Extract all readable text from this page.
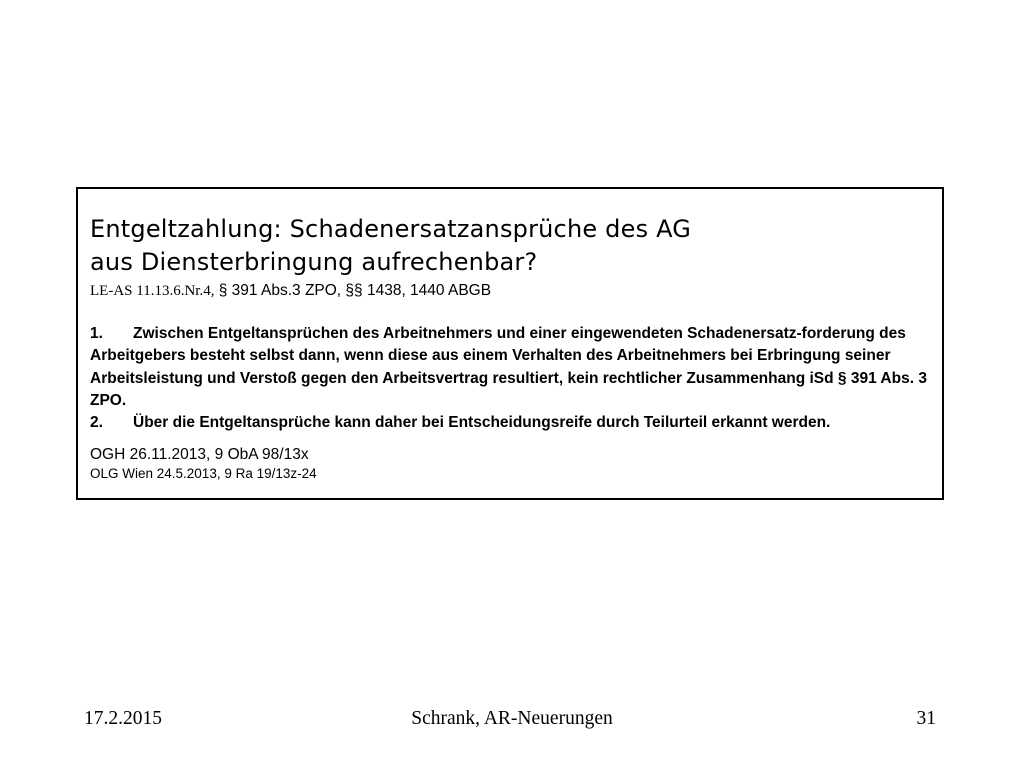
Entgeltzahlung: Schadenersatzansprüche des AG
aus Diensterbringung aufrechenbar?
LE-AS 11.13.6.Nr.4, § 391 Abs.3 ZPO, §§ 1438, 1440 ABGB

1. Zwischen Entgeltansprüchen des Arbeitnehmers und einer eingewendeten Schadenersatz-forderung des Arbeitgebers besteht selbst dann, wenn diese aus einem Verhalten des Arbeitnehmers bei Erbringung seiner Arbeitsleistung und Verstoß gegen den Arbeitsvertrag resultiert, kein rechtlicher Zusammenhang iSd § 391 Abs. 3 ZPO.

2. Über die Entgeltansprüche kann daher bei Entscheidungsreife durch Teilurteil erkannt werden.

OGH 26.11.2013, 9 ObA 98/13x
OLG Wien 24.5.2013, 9 Ra 19/13z-24
17.2.2015	Schrank, AR-Neuerungen	31
